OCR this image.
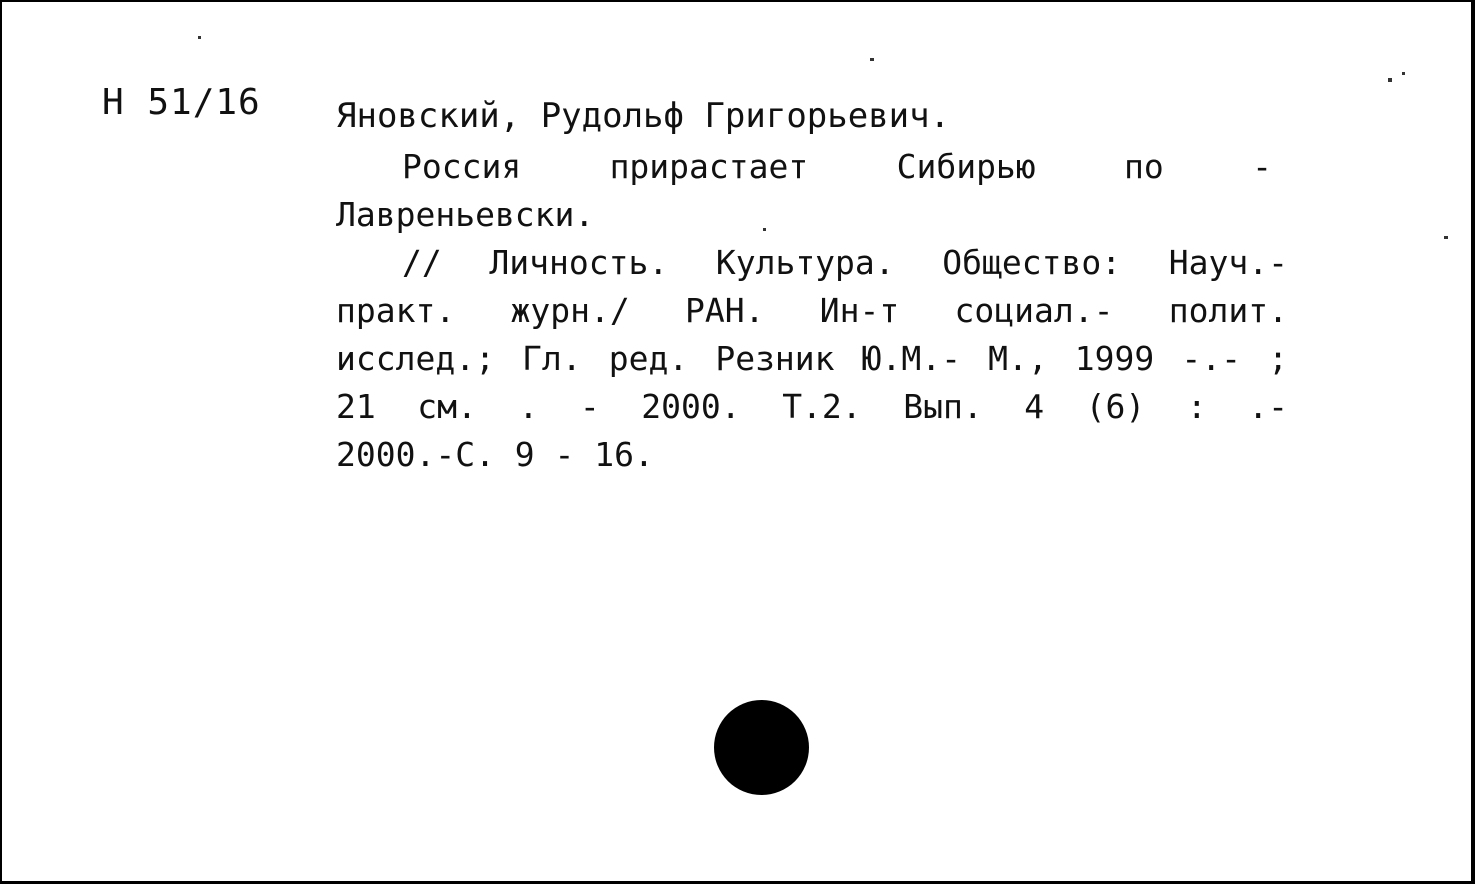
Н 51/16 Яновский, Рудольф Григорьевич.
Россия	прирастает	Сибирью	по	-
Лавреньевски.
// Личность. Культура. Общество: Науч.-
практ. журн./ РАН. Ин-т социал.- полит.
исслед.; Гл. ред. Резник Ю.М.- М., 1999 -.- ;
21 см. . - 2000. Т.2. Вып. 4 (6) : .-
2000.-С. 9 - 16.
